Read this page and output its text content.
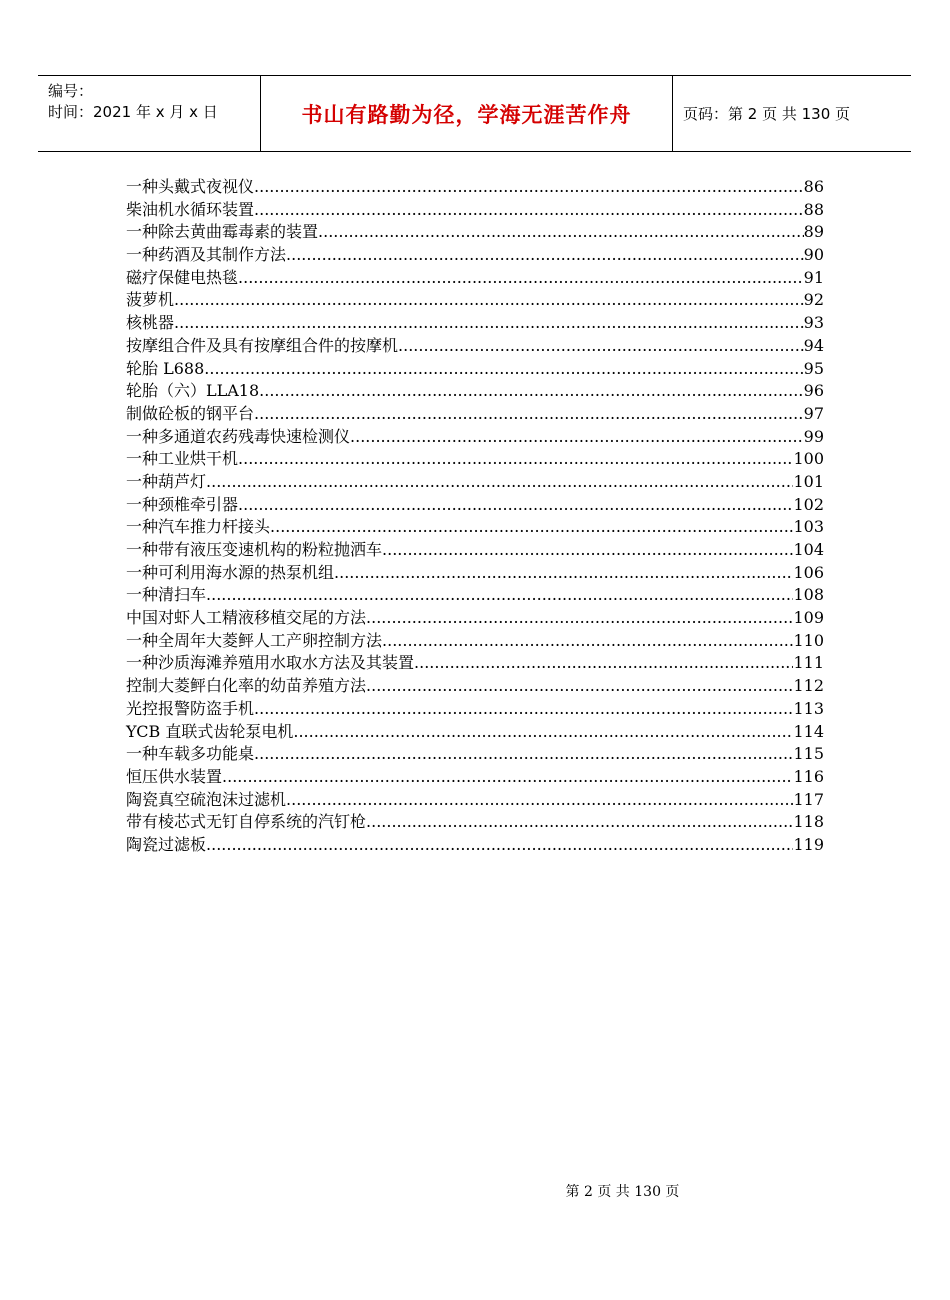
编号：
时间：2021 年 x 月 x 日	书山有路勤为径，学海无涯苦作舟	页码：第 2 页 共 130 页
一种头戴式夜视仪 .....	86
柴油机水循环装置 .....	88
一种除去黄曲霉毒素的装置 .....	89
一种药酒及其制作方法 .....	90
磁疗保健电热毯 .....	91
菠萝机 .....	92
核桃器 .....	93
按摩组合件及具有按摩组合件的按摩机 .....	94
轮胎 L688 .....	95
轮胎（六）LLA18 .....	96
制做砼板的钢平台 .....	97
一种多通道农药残毒快速检测仪 .....	99
一种工业烘干机 .....	100
一种葫芦灯 .....	101
一种颈椎牵引器 .....	102
一种汽车推力杆接头 .....	103
一种带有液压变速机构的粉粒抛洒车 .....	104
一种可利用海水源的热泵机组 .....	106
一种清扫车 .....	108
中国对虾人工精液移植交尾的方法 .....	109
一种全周年大菱鲆人工产卵控制方法 .....	110
一种沙质海滩养殖用水取水方法及其装置 .....	111
控制大菱鲆白化率的幼苗养殖方法 .....	112
光控报警防盗手机 .....	113
YCB 直联式齿轮泵电机 .....	114
一种车载多功能桌 .....	115
恒压供水装置 .....	116
陶瓷真空硫泡沫过滤机 .....	117
带有棱芯式无钉自停系统的汽钉枪 .....	118
陶瓷过滤板 .....	119
第 2 页 共 130 页
